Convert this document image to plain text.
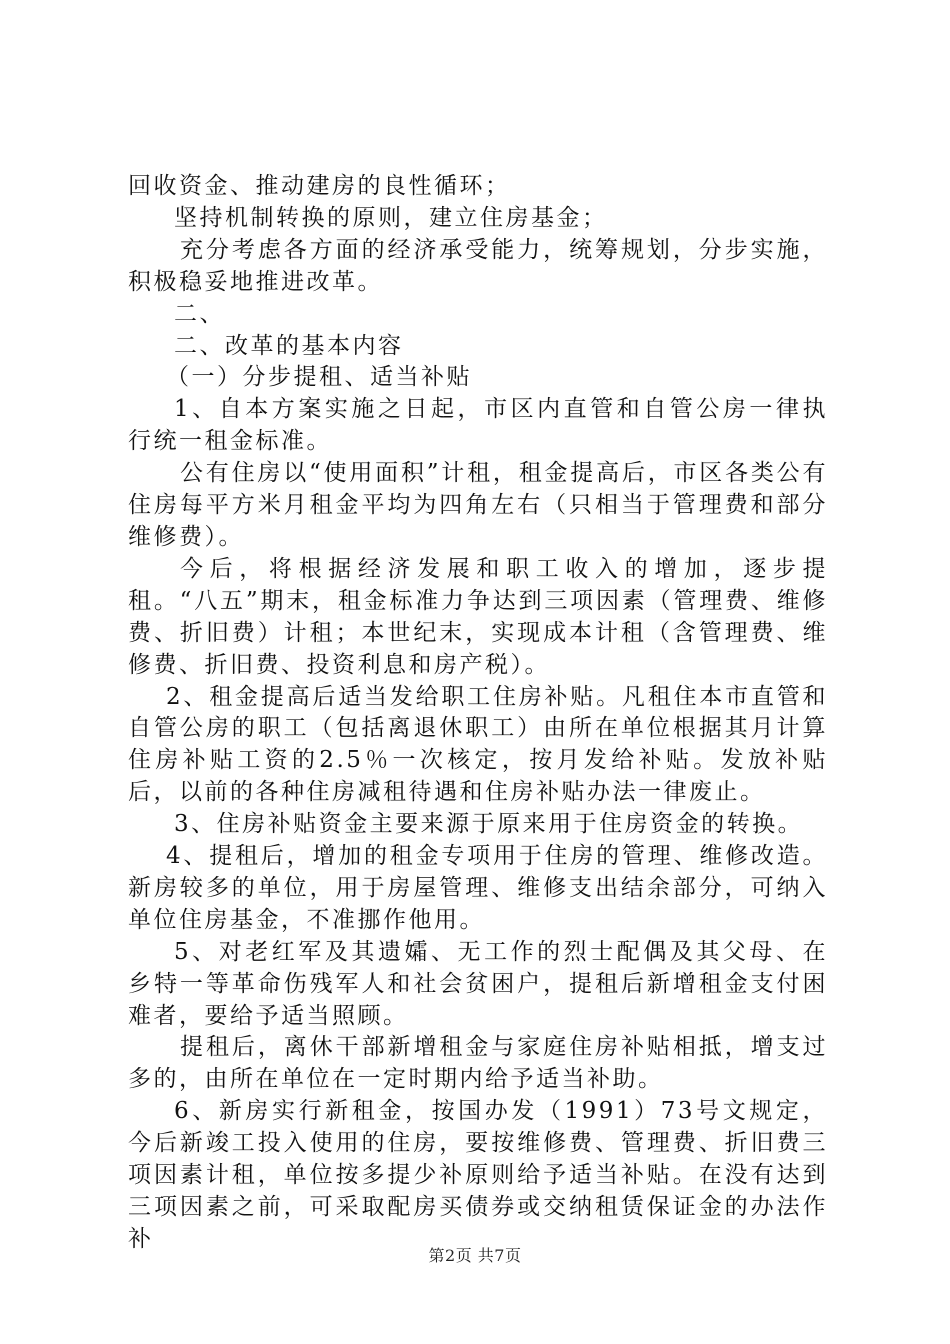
回收资金、推动建房的良性循环；

坚持机制转换的原则，建立住房基金；

充分考虑各方面的经济承受能力，统筹规划，分步实施，积极稳妥地推进改革。

二、

二、改革的基本内容

（一）分步提租、适当补贴

1、自本方案实施之日起，市区内直管和自管公房一律执行统一租金标准。

公有住房以“使用面积”计租，租金提高后，市区各类公有住房每平方米月租金平均为四角左右（只相当于管理费和部分维修费）。

今后，将根据经济发展和职工收入的增加，逐步提租。“八五”期末，租金标准力争达到三项因素（管理费、维修费、折旧费）计租；本世纪末，实现成本计租（含管理费、维修费、折旧费、投资利息和房产税）。

2、租金提高后适当发给职工住房补贴。凡租住本市直管和自管公房的职工（包括离退休职工）由所在单位根据其月计算住房补贴工资的2.5％一次核定，按月发给补贴。发放补贴后，以前的各种住房减租待遇和住房补贴办法一律废止。

3、住房补贴资金主要来源于原来用于住房资金的转换。

4、提租后，增加的租金专项用于住房的管理、维修改造。新房较多的单位，用于房屋管理、维修支出结余部分，可纳入单位住房基金，不准挪作他用。

5、对老红军及其遗孀、无工作的烈士配偶及其父母、在乡特一等革命伤残军人和社会贫困户，提租后新增租金支付困难者，要给予适当照顾。

提租后，离休干部新增租金与家庭住房补贴相抵，增支过多的，由所在单位在一定时期内给予适当补助。

6、新房实行新租金，按国办发（1991）73号文规定，今后新竣工投入使用的住房，要按维修费、管理费、折旧费三项因素计租，单位按多提少补原则给予适当补贴。在没有达到三项因素之前，可采取配房买债券或交纳租赁保证金的办法作补

第2页 共7页
